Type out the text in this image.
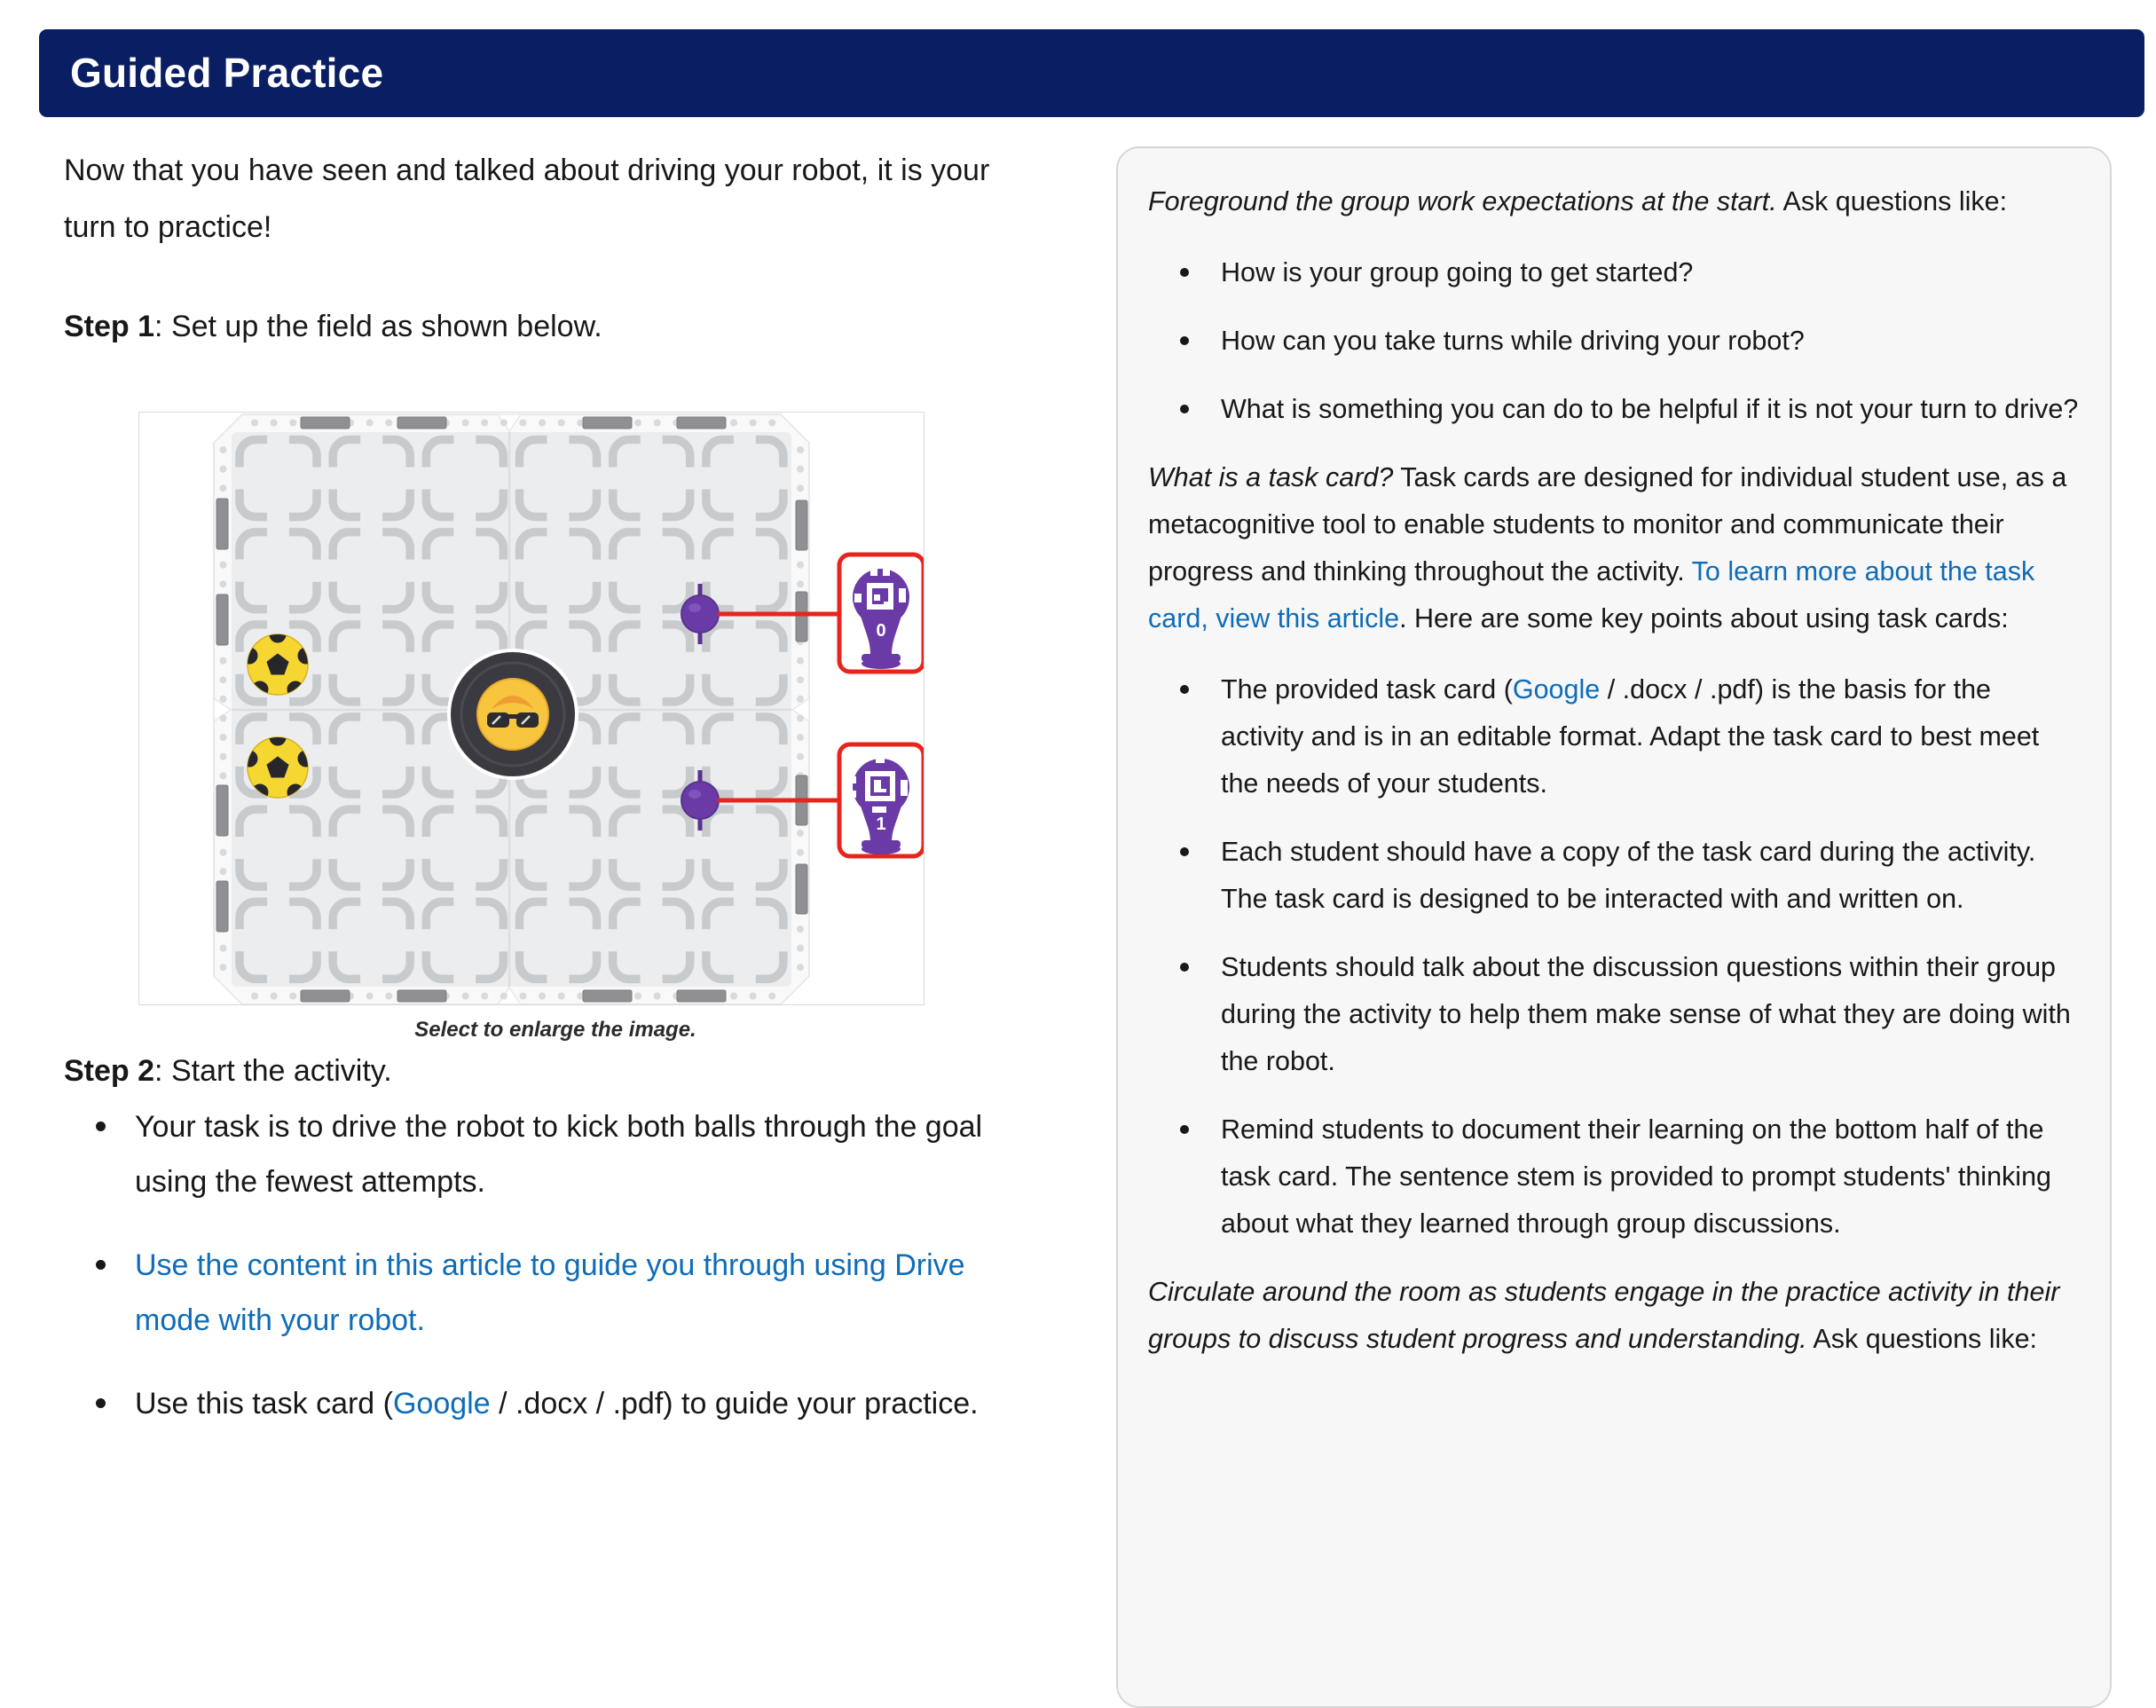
Guided Practice

Now that you have seen and talked about driving your robot, it is your turn to practice!

Step 1: Set up the field as shown below.

0
1
Select to enlarge the image.

Step 2: Start the activity.

Your task is to drive the robot to kick both balls through the goal using the fewest attempts.
Use the content in this article to guide you through using Drive mode with your robot.
Use this task card (Google / .docx / .pdf) to guide your practice.

Foreground the group work expectations at the start. Ask questions like:

How is your group going to get started?
How can you take turns while driving your robot?
What is something you can do to be helpful if it is not your turn to drive?

What is a task card? Task cards are designed for individual student use, as a metacognitive tool to enable students to monitor and communicate their progress and thinking throughout the activity. To learn more about the task card, view this article. Here are some key points about using task cards:

The provided task card (Google / .docx / .pdf) is the basis for the activity and is in an editable format. Adapt the task card to best meet the needs of your students.
Each student should have a copy of the task card during the activity. The task card is designed to be interacted with and written on.
Students should talk about the discussion questions within their group during the activity to help them make sense of what they are doing with the robot.
Remind students to document their learning on the bottom half of the task card. The sentence stem is provided to prompt students' thinking about what they learned through group discussions.

Circulate around the room as students engage in the practice activity in their groups to discuss student progress and understanding. Ask questions like:
